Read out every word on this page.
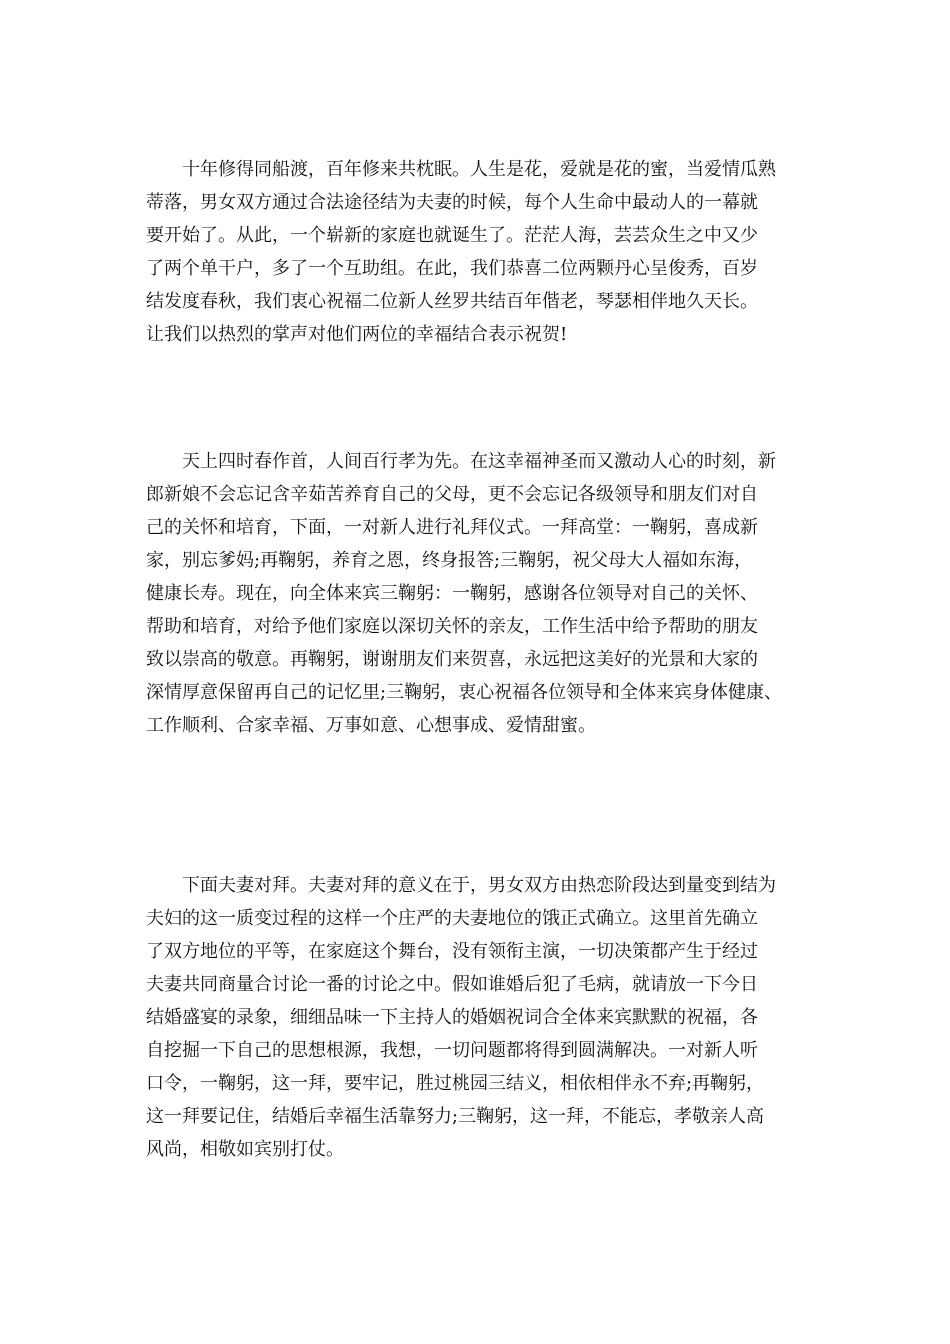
　　十年修得同船渡，百年修来共枕眠。人生是花，爱就是花的蜜，当爱情瓜熟
蒂落，男女双方通过合法途径结为夫妻的时候，每个人生命中最动人的一幕就
要开始了。从此，一个崭新的家庭也就诞生了。茫茫人海，芸芸众生之中又少
了两个单干户，多了一个互助组。在此，我们恭喜二位两颗丹心呈俊秀，百岁
结发度春秋，我们衷心祝福二位新人丝罗共结百年偕老，琴瑟相伴地久天长。
让我们以热烈的掌声对他们两位的幸福结合表示祝贺!
　　天上四时春作首，人间百行孝为先。在这幸福神圣而又激动人心的时刻，新
郎新娘不会忘记含辛茹苦养育自己的父母，更不会忘记各级领导和朋友们对自
己的关怀和培育，下面，一对新人进行礼拜仪式。一拜高堂：一鞠躬，喜成新
家，别忘爹妈;再鞠躬，养育之恩，终身报答;三鞠躬，祝父母大人福如东海，
健康长寿。现在，向全体来宾三鞠躬：一鞠躬，感谢各位领导对自己的关怀、
帮助和培育，对给予他们家庭以深切关怀的亲友，工作生活中给予帮助的朋友
致以崇高的敬意。再鞠躬，谢谢朋友们来贺喜，永远把这美好的光景和大家的
深情厚意保留再自己的记忆里;三鞠躬，衷心祝福各位领导和全体来宾身体健康、
工作顺利、合家幸福、万事如意、心想事成、爱情甜蜜。
　　下面夫妻对拜。夫妻对拜的意义在于，男女双方由热恋阶段达到量变到结为
夫妇的这一质变过程的这样一个庄严的夫妻地位的饿正式确立。这里首先确立
了双方地位的平等，在家庭这个舞台，没有领衔主演，一切决策都产生于经过
夫妻共同商量合讨论一番的讨论之中。假如谁婚后犯了毛病，就请放一下今日
结婚盛宴的录象，细细品味一下主持人的婚姻祝词合全体来宾默默的祝福，各
自挖掘一下自己的思想根源，我想，一切问题都将得到圆满解决。一对新人听
口令，一鞠躬，这一拜，要牢记，胜过桃园三结义，相依相伴永不弃;再鞠躬，
这一拜要记住，结婚后幸福生活靠努力;三鞠躬，这一拜，不能忘，孝敬亲人高
风尚，相敬如宾别打仗。
